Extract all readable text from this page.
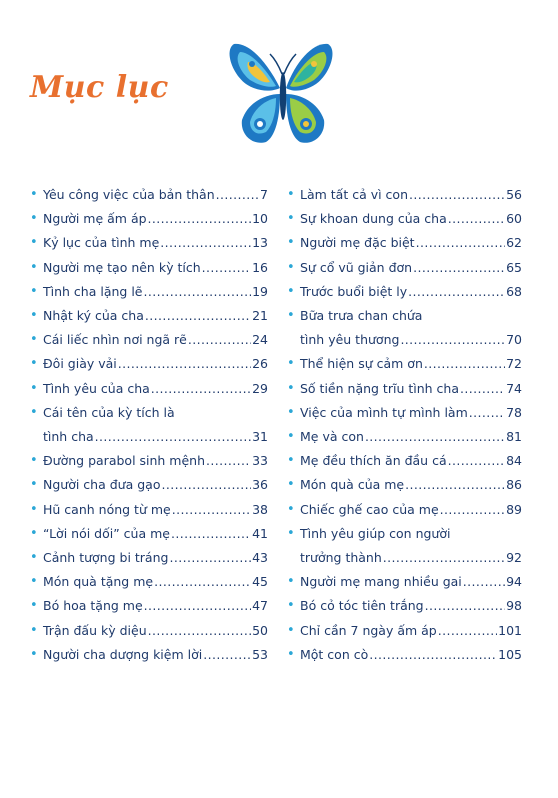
Mục lục
• Yêu công việc của bản thân .....	7
• Người mẹ ấm áp .....	10
• Kỷ lục của tình mẹ .....	13
• Người mẹ tạo nên kỳ tích .....	16
• Tình cha lặng lẽ .....	19
• Nhật ký của cha .....	21
• Cái liếc nhìn nơi ngã rẽ .....	24
• Đôi giày vải .....	26
• Tình yêu của cha .....	29
• Cái tên của kỳ tích là
tình cha .....	31
• Đường parabol sinh mệnh .....	33
• Người cha đưa gạo .....	36
• Hũ canh nóng từ mẹ .....	38
• “Lời nói dối” của mẹ .....	41
• Cảnh tượng bi tráng .....	43
• Món quà tặng mẹ .....	45
• Bó hoa tặng mẹ .....	47
• Trận đấu kỳ diệu .....	50
• Người cha dượng kiệm lời .....	53
• Làm tất cả vì con .....	56
• Sự khoan dung của cha .....	60
• Người mẹ đặc biệt .....	62
• Sự cổ vũ giản đơn .....	65
• Trước buổi biệt ly .....	68
• Bữa trưa chan chứa
tình yêu thương .....	70
• Thể hiện sự cảm ơn .....	72
• Số tiền nặng trĩu tình cha .....	74
• Việc của mình tự mình làm .....	78
• Mẹ và con .....	81
• Mẹ đều thích ăn đầu cá .....	84
• Món quà của mẹ .....	86
• Chiếc ghế cao của mẹ .....	89
• Tình yêu giúp con người
trưởng thành .....	92
• Người mẹ mang nhiều gai .....	94
• Bó cỏ tóc tiên trắng .....	98
• Chỉ cần 7 ngày ấm áp .....	101
• Một con cò .....	105
